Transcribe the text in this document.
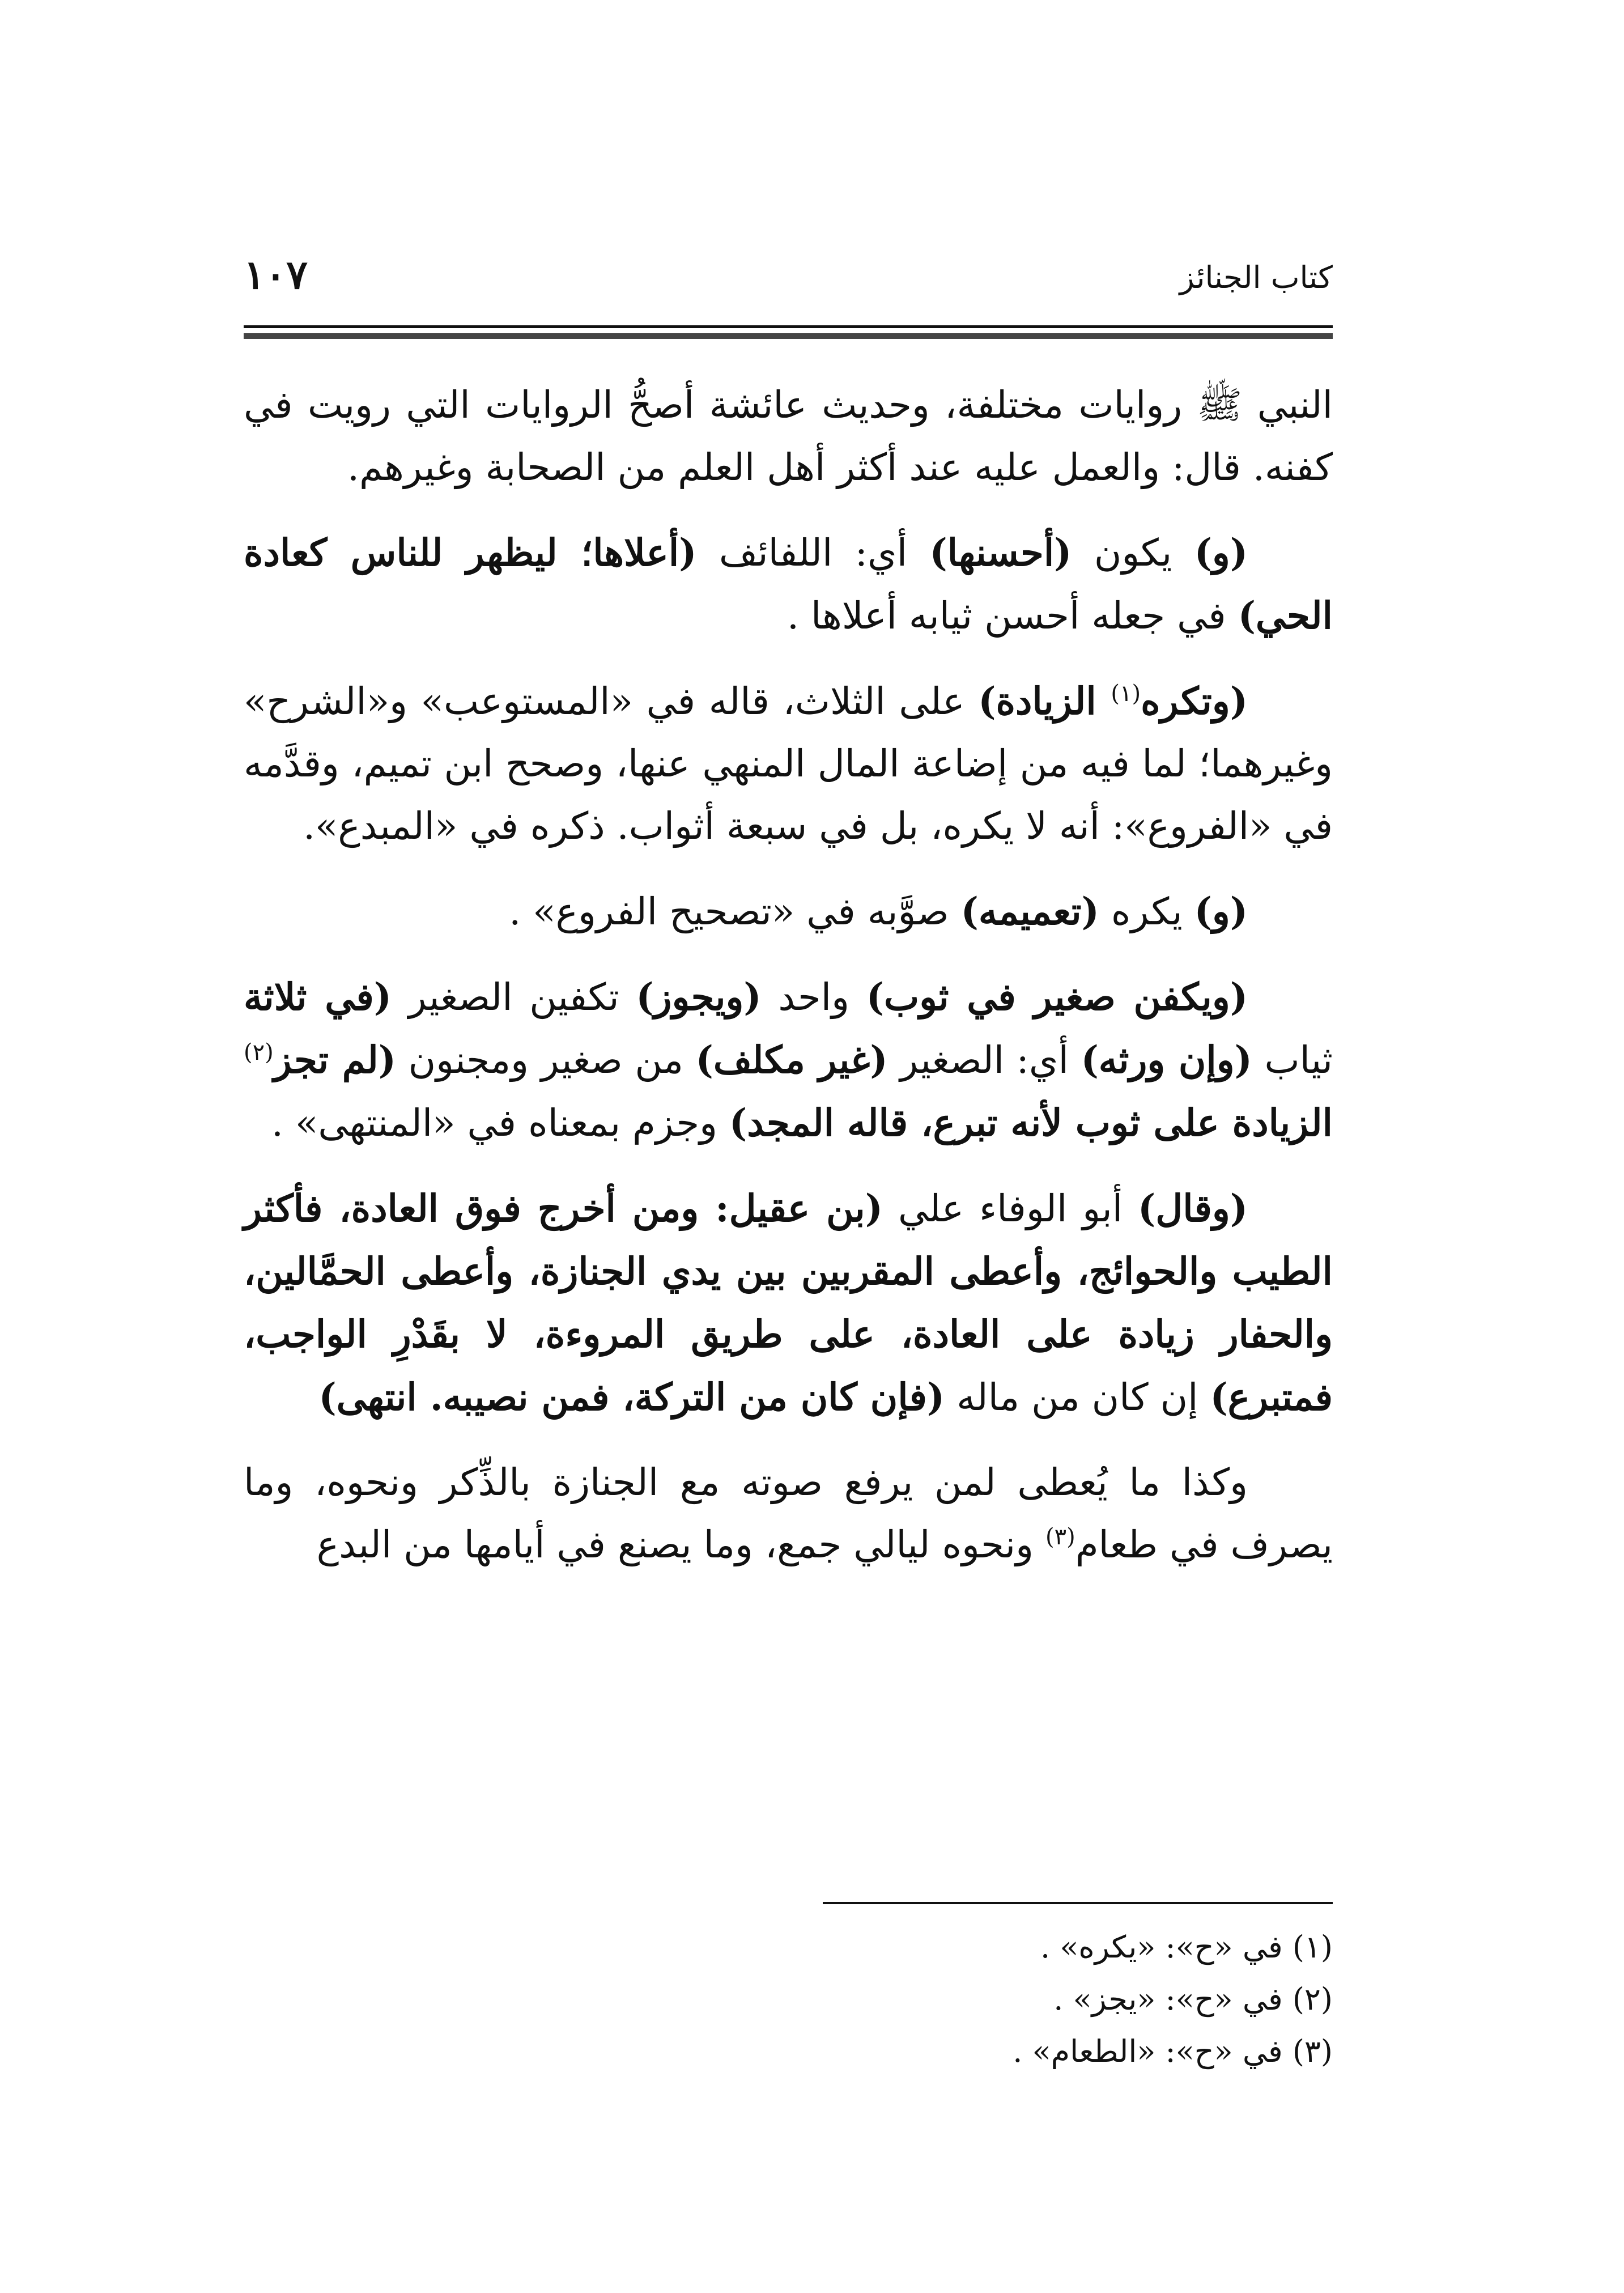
كتاب الجنائز
١٠٧

النبي ﷺ روايات مختلفة، وحديث عائشة أصحُّ الروايات التي رويت في كفنه. قال: والعمل عليه عند أكثر أهل العلم من الصحابة وغيرهم.

(و) يكون (أحسنها) أي: اللفائف (أعلاها؛ ليظهر للناس كعادة الحي) في جعله أحسن ثيابه أعلاها .

(وتكره$^{(١)}$ الزيادة) على الثلاث، قاله في «المستوعب» و«الشرح» وغيرهما؛ لما فيه من إضاعة المال المنهي عنها، وصحح ابن تميم، وقدَّمه في «الفروع»: أنه لا يكره، بل في سبعة أثواب. ذكره في «المبدع».

(و) يكره (تعميمه) صوَّبه في «تصحيح الفروع» .

(ويكفن صغير في ثوب) واحد (ويجوز) تكفين الصغير (في ثلاثة ثياب (وإن ورثه) أي: الصغير (غير مكلف) من صغير ومجنون (لم تجز$^{(٢)}$ الزيادة على ثوب لأنه تبرع، قاله المجد) وجزم بمعناه في «المنتهى» .

(وقال) أبو الوفاء علي (بن عقيل: ومن أخرج فوق العادة، فأكثر الطيب والحوائج، وأعطى المقربين بين يدي الجنازة، وأعطى الحمَّالين، والحفار زيادة على العادة، على طريق المروءة، لا بقَدْرِ الواجب، فمتبرع) إن كان من ماله (فإن كان من التركة، فمن نصيبه. انتهى)

وكذا ما يُعطى لمن يرفع صوته مع الجنازة بالذِّكر ونحوه، وما يصرف في طعام$^{(٣)}$ ونحوه ليالي جمع، وما يصنع في أيامها من البدع

(١) في «ح»: «يكره» .

(٢) في «ح»: «يجز» .

(٣) في «ح»: «الطعام» .
